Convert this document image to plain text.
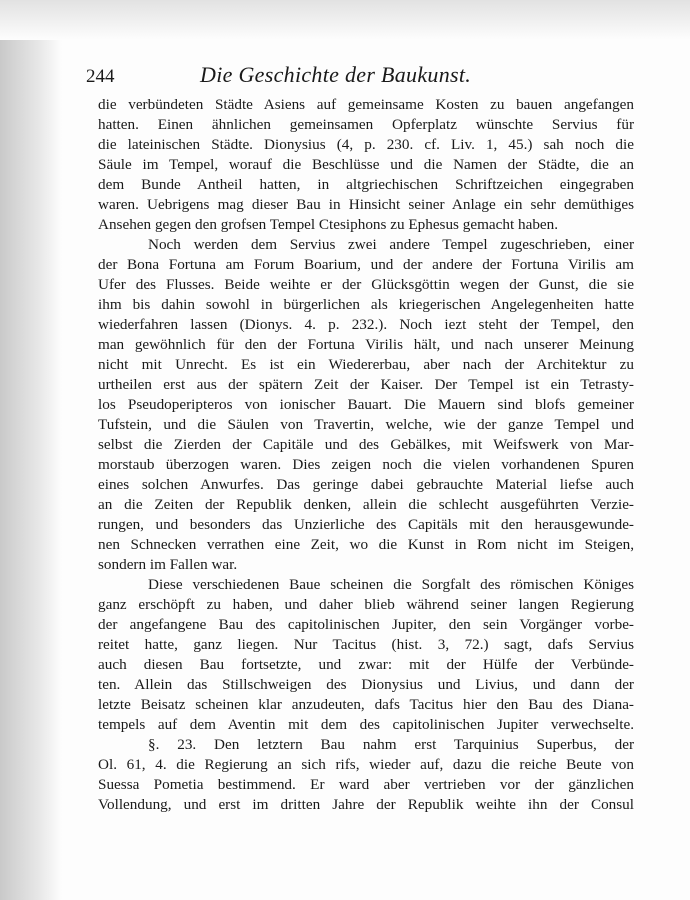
244	Die Geschichte der Baukunst.
die verbündeten Städte Asiens auf gemeinsame Kosten zu bauen angefangen
hatten. Einen ähnlichen gemeinsamen Opferplatz wünschte Servius für
die lateinischen Städte. Dionysius (4, p. 230. cf. Liv. 1, 45.) sah noch die
Säule im Tempel, worauf die Beschlüsse und die Namen der Städte, die an
dem Bunde Antheil hatten, in altgriechischen Schriftzeichen eingegraben
waren. Uebrigens mag dieser Bau in Hinsicht seiner Anlage ein sehr demüthiges
Ansehen gegen den grofsen Tempel Ctesiphons zu Ephesus gemacht haben.
Noch werden dem Servius zwei andere Tempel zugeschrieben, einer
der Bona Fortuna am Forum Boarium, und der andere der Fortuna Virilis am
Ufer des Flusses. Beide weihte er der Glücksgöttin wegen der Gunst, die sie
ihm bis dahin sowohl in bürgerlichen als kriegerischen Angelegenheiten hatte
wiederfahren lassen (Dionys. 4. p. 232.). Noch iezt steht der Tempel, den
man gewöhnlich für den der Fortuna Virilis hält, und nach unserer Meinung
nicht mit Unrecht. Es ist ein Wiedererbau, aber nach der Architektur zu
urtheilen erst aus der spätern Zeit der Kaiser. Der Tempel ist ein Tetrasty-
los Pseudoperipteros von ionischer Bauart. Die Mauern sind blofs gemeiner
Tufstein, und die Säulen von Travertin, welche, wie der ganze Tempel und
selbst die Zierden der Capitäle und des Gebälkes, mit Weifswerk von Mar-
morstaub überzogen waren. Dies zeigen noch die vielen vorhandenen Spuren
eines solchen Anwurfes. Das geringe dabei gebrauchte Material liefse auch
an die Zeiten der Republik denken, allein die schlecht ausgeführten Verzie-
rungen, und besonders das Unzierliche des Capitäls mit den herausgewunde-
nen Schnecken verrathen eine Zeit, wo die Kunst in Rom nicht im Steigen,
sondern im Fallen war.
Diese verschiedenen Baue scheinen die Sorgfalt des römischen Königes
ganz erschöpft zu haben, und daher blieb während seiner langen Regierung
der angefangene Bau des capitolinischen Jupiter, den sein Vorgänger vorbe-
reitet hatte, ganz liegen. Nur Tacitus (hist. 3, 72.) sagt, dafs Servius
auch diesen Bau fortsetzte, und zwar: mit der Hülfe der Verbünde-
ten. Allein das Stillschweigen des Dionysius und Livius, und dann der
letzte Beisatz scheinen klar anzudeuten, dafs Tacitus hier den Bau des Diana-
tempels auf dem Aventin mit dem des capitolinischen Jupiter verwechselte.
§. 23. Den letztern Bau nahm erst Tarquinius Superbus, der
Ol. 61, 4. die Regierung an sich rifs, wieder auf, dazu die reiche Beute von
Suessa Pometia bestimmend. Er ward aber vertrieben vor der gänzlichen
Vollendung, und erst im dritten Jahre der Republik weihte ihn der Consul
